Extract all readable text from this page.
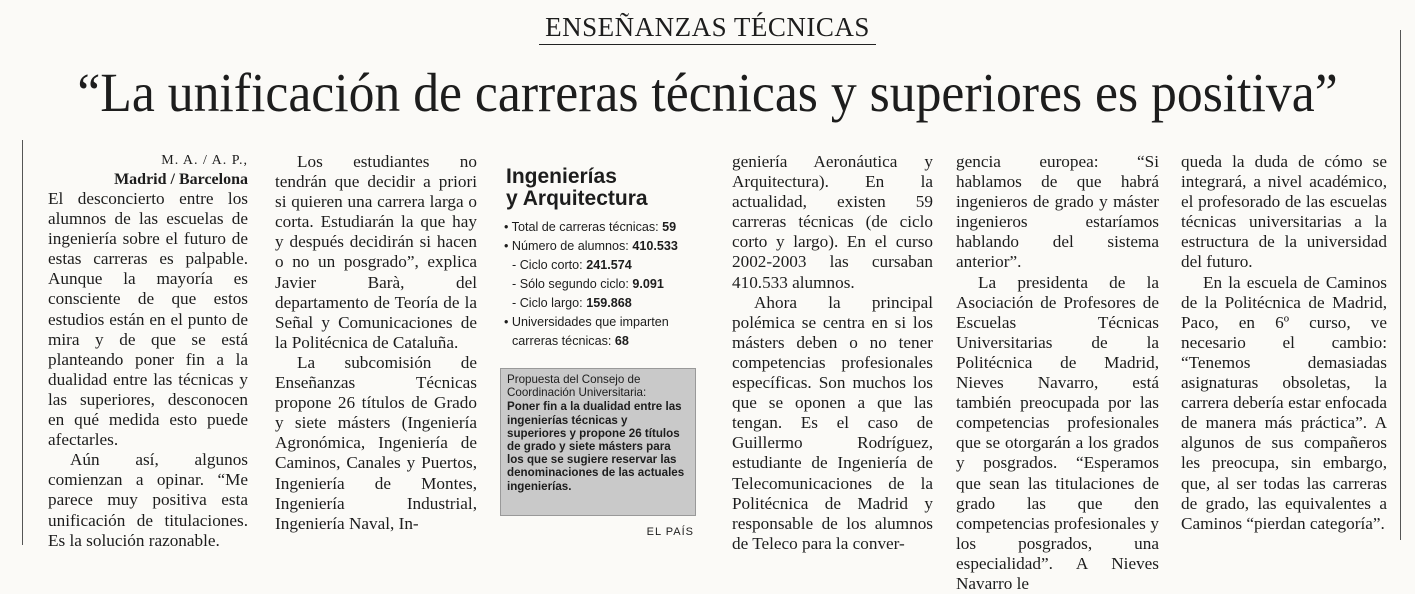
ENSEÑANZAS TÉCNICAS
“La unificación de carreras técnicas y superiores es positiva”
M. A. / A. P.,
Madrid / Barcelona

El desconcierto entre los alumnos de las escuelas de ingeniería sobre el futuro de estas carreras es palpable. Aunque la mayoría es consciente de que estos estudios están en el punto de mira y de que se está planteando poner fin a la dualidad entre las técnicas y las superiores, desconocen en qué medida esto puede afectarles.

Aún así, algunos comienzan a opinar. “Me parece muy positiva esta unificación de titulaciones. Es la solución razonable.

Los estudiantes no tendrán que decidir a priori si quieren una carrera larga o corta. Estudiarán la que hay y después decidirán si hacen o no un posgrado”, explica Javier Barà, del departamento de Teoría de la Señal y Comunicaciones de la Politécnica de Cataluña.

La subcomisión de Enseñanzas Técnicas propone 26 títulos de Grado y siete másters (Ingeniería Agronómica, Ingeniería de Caminos, Canales y Puertos, Ingeniería de Montes, Ingeniería Industrial, Ingeniería Naval, In-

Ingenierías
y Arquitectura
• Total de carreras técnicas: 59
• Número de alumnos: 410.533
- Ciclo corto: 241.574
- Sólo segundo ciclo: 9.091
- Ciclo largo: 159.868
• Universidades que imparten
carreras técnicas: 68
Propuesta del Consejo de Coordinación Universitaria:
Poner fin a la dualidad entre las ingenierías técnicas y superiores y propone 26 títulos de grado y siete másters para los que se sugiere reservar las denominaciones de las actuales ingenierías.
EL PAÍS

geniería Aeronáutica y Arquitectura). En la actualidad, existen 59 carreras técnicas (de ciclo corto y largo). En el curso 2002-2003 las cursaban 410.533 alumnos.

Ahora la principal polémica se centra en si los másters deben o no tener competencias profesionales específicas. Son muchos los que se oponen a que las tengan. Es el caso de Guillermo Rodríguez, estudiante de Ingeniería de Telecomunicaciones de la Politécnica de Madrid y responsable de los alumnos de Teleco para la conver-

gencia europea: “Si hablamos de que habrá ingenieros de grado y máster ingenieros estaríamos hablando del sistema anterior”.

La presidenta de la Asociación de Profesores de Escuelas Técnicas Universitarias de la Politécnica de Madrid, Nieves Navarro, está también preocupada por las competencias profesionales que se otorgarán a los grados y posgrados. “Esperamos que sean las titulaciones de grado las que den competencias profesionales y los posgrados, una especialidad”. A Nieves Navarro le

queda la duda de cómo se integrará, a nivel académico, el profesorado de las escuelas técnicas universitarias a la estructura de la universidad del futuro.

En la escuela de Caminos de la Politécnica de Madrid, Paco, en 6º curso, ve necesario el cambio: “Tenemos demasiadas asignaturas obsoletas, la carrera debería estar enfocada de manera más práctica”. A algunos de sus compañeros les preocupa, sin embargo, que, al ser todas las carreras de grado, las equivalentes a Caminos “pierdan categoría”.
